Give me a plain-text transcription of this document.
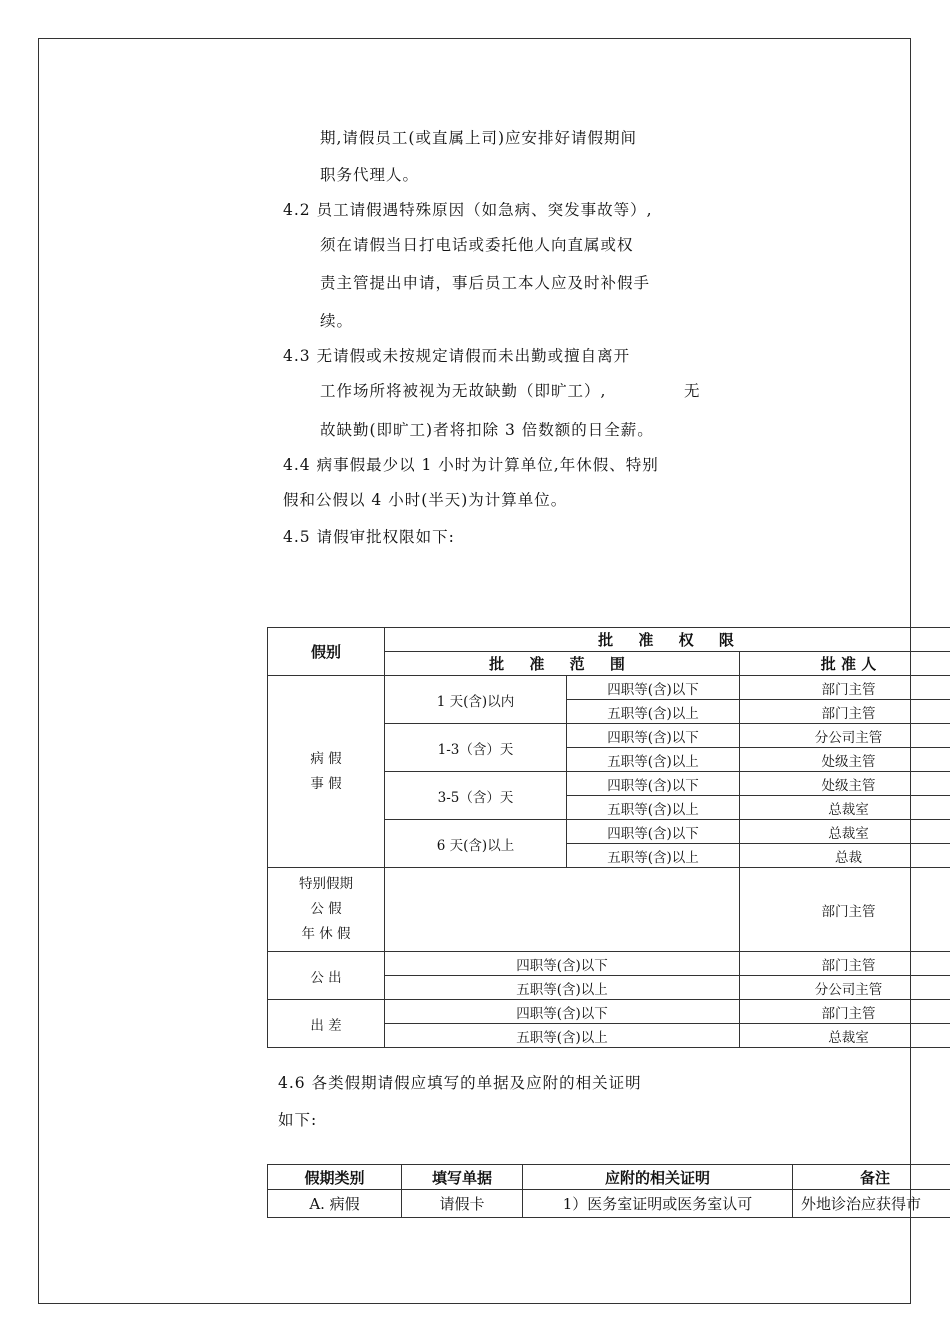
期,请假员工(或直属上司)应安排好请假期间
职务代理人。
4.2 员工请假遇特殊原因（如急病、突发事故等）,
须在请假当日打电话或委托他人向直属或权
责主管提出申请，事后员工本人应及时补假手
续。
4.3 无请假或未按规定请假而未出勤或擅自离开
工作场所将被视为无故缺勤（即旷工）,	无
故缺勤(即旷工)者将扣除 3 倍数额的日全薪。
4.4 病事假最少以 1 小时为计算单位,年休假、特别
假和公假以 4 小时(半天)为计算单位。
4.5 请假审批权限如下:
假别	批 准 权 限		
	批 准 范 围		批 准 人

病 假
事 假	1 天(含)以内	四职等(含)以下	部门主管
		五职等(含)以上	部门主管
	1-3（含）天	四职等(含)以下	分公司主管
		五职等(含)以上	处级主管
	3-5（含）天	四职等(含)以下	处级主管
		五职等(含)以上	总裁室
	6 天(含)以上	四职等(含)以下	总裁室
		五职等(含)以上	总裁

特别假期
公 假
年 休 假			部门主管
公 出	四职等(含)以下		部门主管
	五职等(含)以上		分公司主管
出 差	四职等(含)以下		部门主管
	五职等(含)以上		总裁室
4.6 各类假期请假应填写的单据及应附的相关证明
如下:
假期类别	填写单据	应附的相关证明	备注
A. 病假	请假卡	1）医务室证明或医务室认可	外地诊治应获得市
